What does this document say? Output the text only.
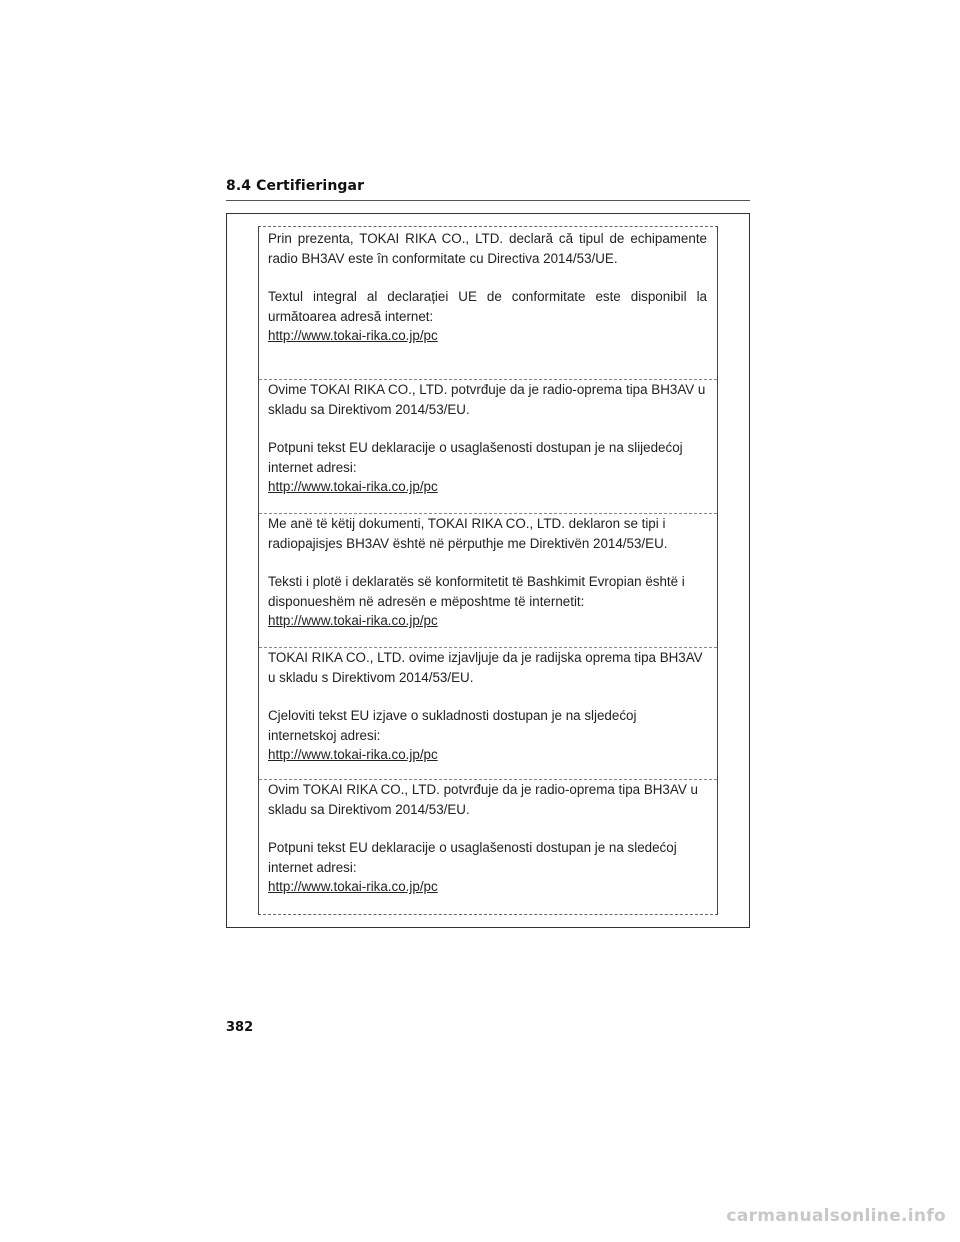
8.4 Certifieringar

Prin prezenta, TOKAI RIKA CO., LTD. declară că tipul de echipamente radio BH3AV este în conformitate cu Directiva 2014/53/UE.

Textul integral al declarației UE de conformitate este disponibil la următoarea adresă internet:

http://www.tokai-rika.co.jp/pc

Ovime TOKAI RIKA CO., LTD. potvrđuje da je radio-oprema tipa BH3AV u skladu sa Direktivom 2014/53/EU.

Potpuni tekst EU deklaracije o usaglašenosti dostupan je na slijedećoj internet adresi:

http://www.tokai-rika.co.jp/pc

Me anë të këtij dokumenti, TOKAI RIKA CO., LTD. deklaron se tipi i radiopajisjes BH3AV është në përputhje me Direktivën 2014/53/EU.

Teksti i plotë i deklaratës së konformitetit të Bashkimit Evropian është i disponueshëm në adresën e mëposhtme të internetit:

http://www.tokai-rika.co.jp/pc

TOKAI RIKA CO., LTD. ovime izjavljuje da je radijska oprema tipa BH3AV u skladu s Direktivom 2014/53/EU.

Cjeloviti tekst EU izjave o sukladnosti dostupan je na sljedećoj internetskoj adresi:

http://www.tokai-rika.co.jp/pc

Ovim TOKAI RIKA CO., LTD. potvrđuje da je radio-oprema tipa BH3AV u skladu sa Direktivom 2014/53/EU.

Potpuni tekst EU deklaracije o usaglašenosti dostupan je na sledećoj internet adresi:

http://www.tokai-rika.co.jp/pc

382
carmanualsonline.info
